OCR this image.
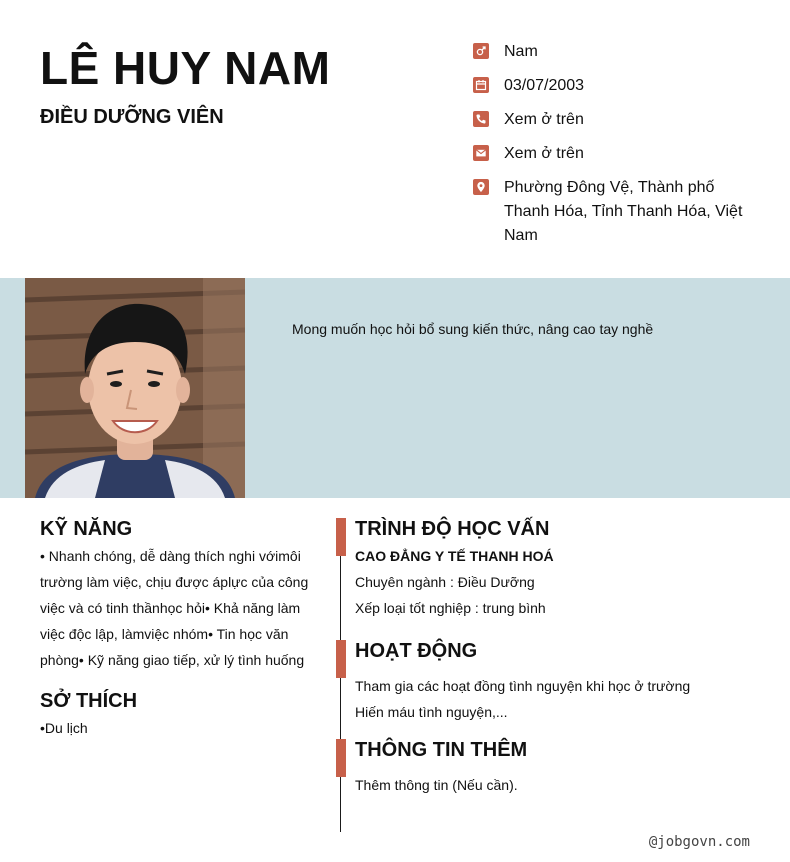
LÊ HUY NAM
ĐIỀU DƯỠNG VIÊN
Nam
03/07/2003
Xem ở trên
Xem ở trên
Phường Đông Vệ, Thành phố Thanh Hóa, Tỉnh Thanh Hóa, Việt Nam
Mong muốn học hỏi bổ sung kiến thức, nâng cao tay nghề
KỸ NĂNG

• Nhanh chóng, dễ dàng thích nghi vớimôi trường làm việc, chịu được áplực của công việc và có tinh thầnhọc hỏi• Khả năng làm việc độc lập, làmviệc nhóm• Tin học văn phòng• Kỹ năng giao tiếp, xử lý tình huống

SỞ THÍCH

•Du lịch

TRÌNH ĐỘ HỌC VẤN

CAO ĐẲNG Y TẾ THANH HOÁ

Chuyên ngành : Điều Dưỡng

Xếp loại tốt nghiệp : trung bình

HOẠT ĐỘNG

Tham gia các hoạt đồng tình nguyện khi học ở trường

Hiến máu tình nguyện,...

THÔNG TIN THÊM

Thêm thông tin (Nếu cần).

@jobgovn.com
